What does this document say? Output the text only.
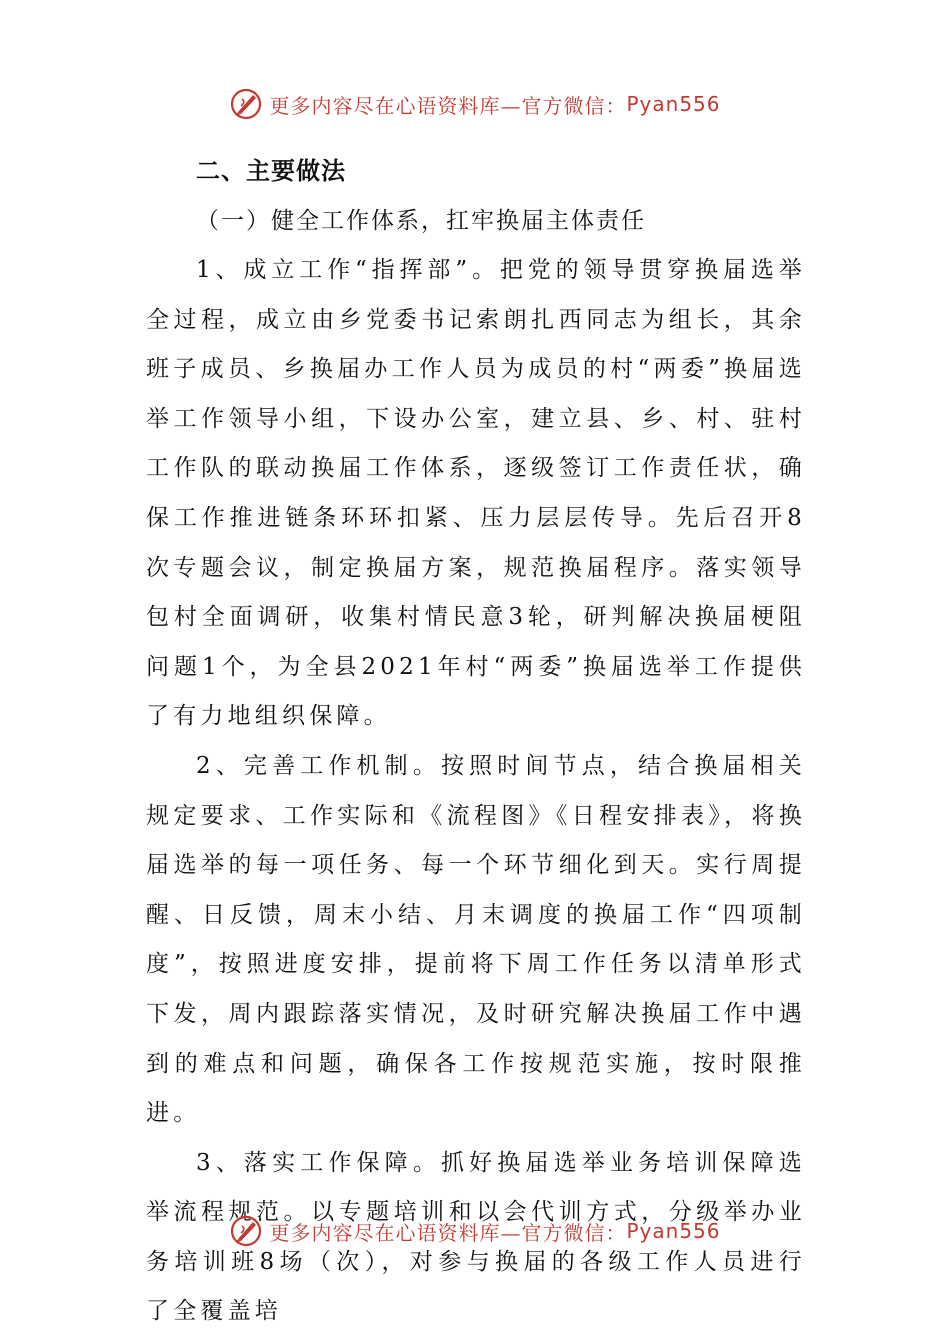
更多内容尽在心语资料库—官方微信： Pyan556
二、主要做法
（一）健全工作体系，扛牢换届主体责任

1、成立工作“指挥部”。把党的领导贯穿换届选举全过程，成立由乡党委书记索朗扎西同志为组长，其余班子成员、乡换届办工作人员为成员的村“两委”换届选举工作领导小组，下设办公室，建立县、乡、村、驻村工作队的联动换届工作体系，逐级签订工作责任状，确保工作推进链条环环扣紧、压力层层传导。先后召开8次专题会议，制定换届方案，规范换届程序。落实领导包村全面调研，收集村情民意3轮，研判解决换届梗阻问题1个，为全县2021年村“两委”换届选举工作提供了有力地组织保障。

2、完善工作机制。按照时间节点，结合换届相关规定要求、工作实际和《流程图》《日程安排表》，将换届选举的每一项任务、每一个环节细化到天。实行周提醒、日反馈，周末小结、月末调度的换届工作“四项制度”，按照进度安排，提前将下周工作任务以清单形式下发，周内跟踪落实情况，及时研究解决换届工作中遇到的难点和问题，确保各工作按规范实施，按时限推进。

3、落实工作保障。抓好换届选举业务培训保障选举流程规范。以专题培训和以会代训方式，分级举办业务培训班8场（次），对参与换届的各级工作人员进行了全覆盖培

更多内容尽在心语资料库—官方微信： Pyan556
